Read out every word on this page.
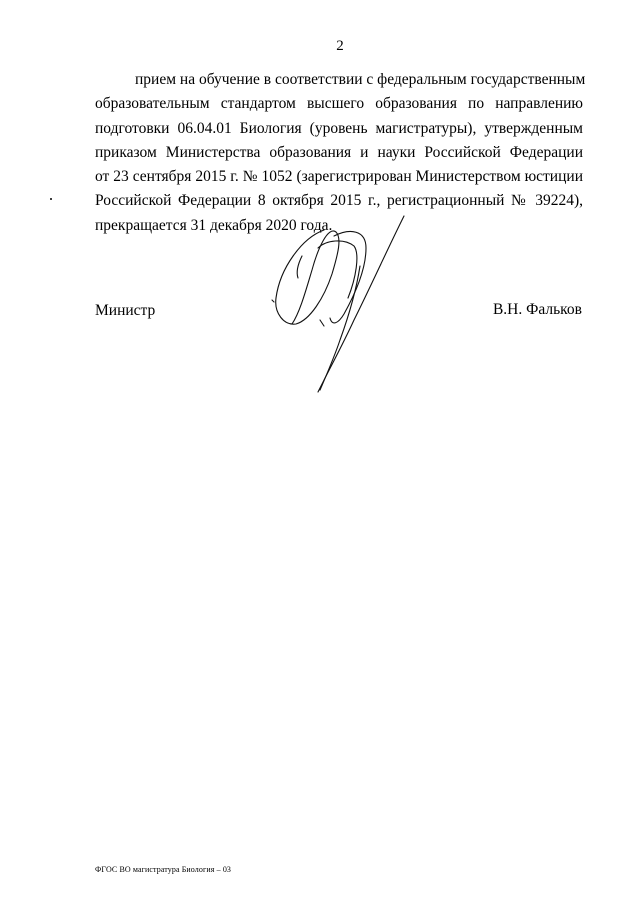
2
прием на обучение в соответствии с федеральным государственным
образовательным стандартом высшего образования по направлению
подготовки 06.04.01 Биология (уровень магистратуры), утвержденным
приказом Министерства образования и науки Российской Федерации
от 23 сентября 2015 г. № 1052 (зарегистрирован Министерством юстиции
Российской Федерации 8 октября 2015 г., регистрационный № 39224),
прекращается 31 декабря 2020 года.
Министр	В.Н. Фальков
ФГОС ВО магистратура Биология – 03
